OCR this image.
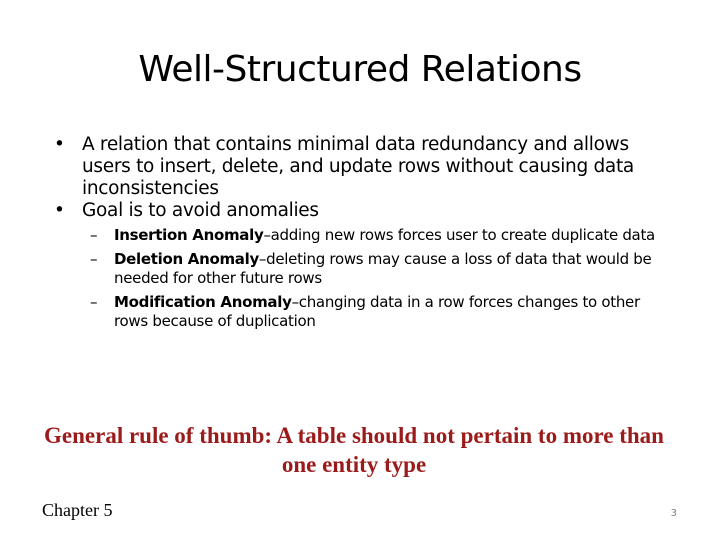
Well-Structured Relations
• A relation that contains minimal data redundancy and allows users to insert, delete, and update rows without causing data inconsistencies
• Goal is to avoid anomalies
– Insertion Anomaly–adding new rows forces user to create duplicate data
– Deletion Anomaly–deleting rows may cause a loss of data that would be needed for other future rows
– Modification Anomaly–changing data in a row forces changes to other rows because of duplication
General rule of thumb: A table should not pertain to more than one entity type
Chapter 5	3
